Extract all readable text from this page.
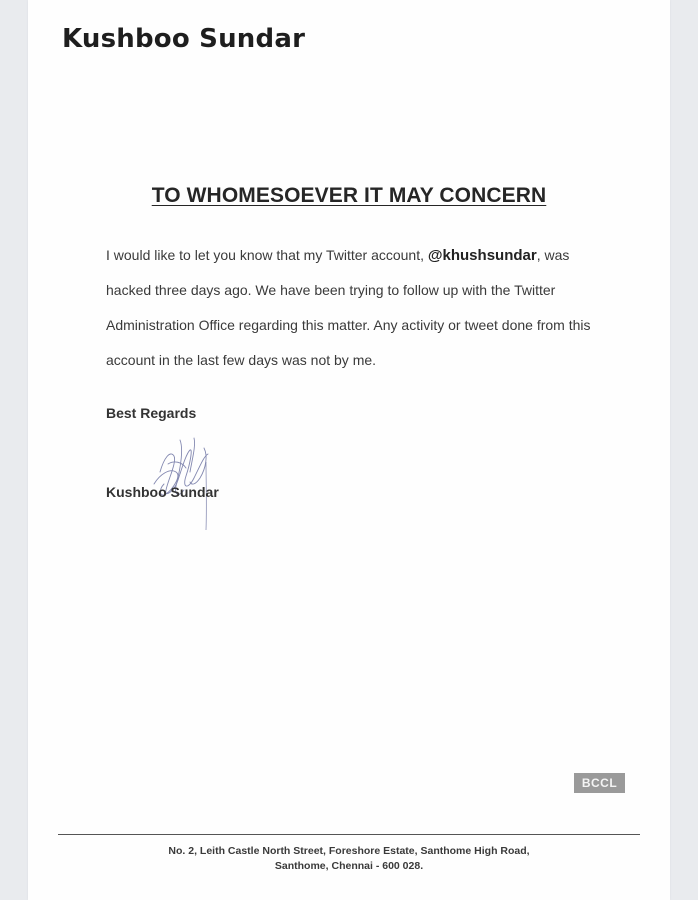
Kushboo Sundar
TO WHOMESOEVER IT MAY CONCERN

I would like to let you know that my Twitter account, @khushsundar, was hacked three days ago. We have been trying to follow up with the Twitter Administration Office regarding this matter. Any activity or tweet done from this account in the last few days was not by me.

Best Regards

Kushboo Sundar

BCCL
No. 2, Leith Castle North Street, Foreshore Estate, Santhome High Road,
Santhome, Chennai - 600 028.
